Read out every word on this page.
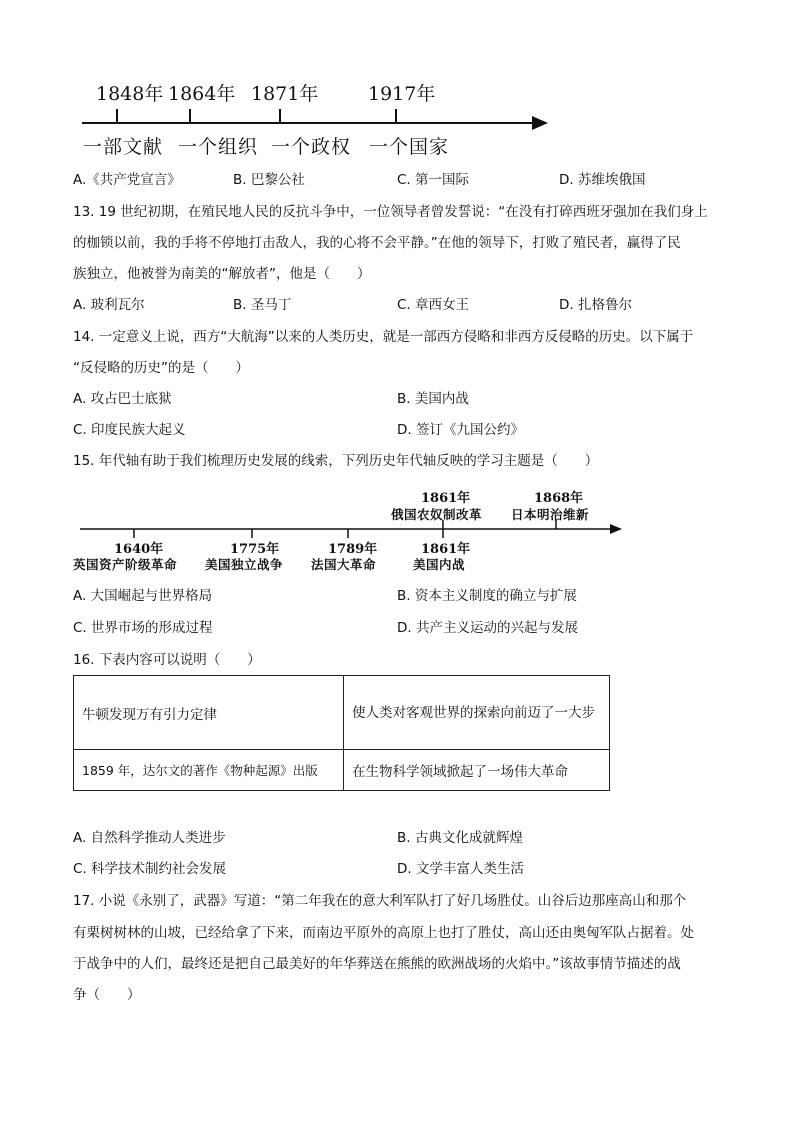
1848年 1864年 1871年	1917年
一部文献 一个组织 一个政权 一个国家
A.《共产党宣言》	B. 巴黎公社	C. 第一国际	D. 苏维埃俄国
13. 19 世纪初期，在殖民地人民的反抗斗争中，一位领导者曾发誓说：“在没有打碎西班牙强加在我们身上
的枷锁以前，我的手将不停地打击敌人，我的心将不会平静。”在他的领导下，打败了殖民者，赢得了民
族独立，他被誉为南美的“解放者”，他是（　　）
A. 玻利瓦尔	B. 圣马丁	C. 章西女王	D. 扎格鲁尔
14. 一定意义上说，西方“大航海”以来的人类历史，就是一部西方侵略和非西方反侵略的历史。以下属于
“反侵略的历史”的是（　　）
A. 攻占巴士底狱	B. 美国内战
C. 印度民族大起义	D. 签订《九国公约》
15. 年代轴有助于我们梳理历史发展的线索，下列历史年代轴反映的学习主题是（　　）
1861年
俄国农奴制改革
1868年
日本明治维新
1640年
英国资产阶级革命
1775年
美国独立战争
1789年
法国大革命
1861年
美国内战
A. 大国崛起与世界格局	B. 资本主义制度的确立与扩展
C. 世界市场的形成过程	D. 共产主义运动的兴起与发展
16. 下表内容可以说明（　　）
牛顿发现万有引力定律	使人类对客观世界的探索向前迈了一大步
1859 年，达尔文的著作《物种起源》出版	在生物科学领域掀起了一场伟大革命
A. 自然科学推动人类进步	B. 古典文化成就辉煌
C. 科学技术制约社会发展	D. 文学丰富人类生活
17. 小说《永别了，武器》写道：“第二年我在的意大利军队打了好几场胜仗。山谷后边那座高山和那个
有栗树树林的山坡，已经给拿了下来，而南边平原外的高原上也打了胜仗，高山还由奥匈军队占据着。处
于战争中的人们，最终还是把自己最美好的年华葬送在熊熊的欧洲战场的火焰中。”该故事情节描述的战
争（　　）
